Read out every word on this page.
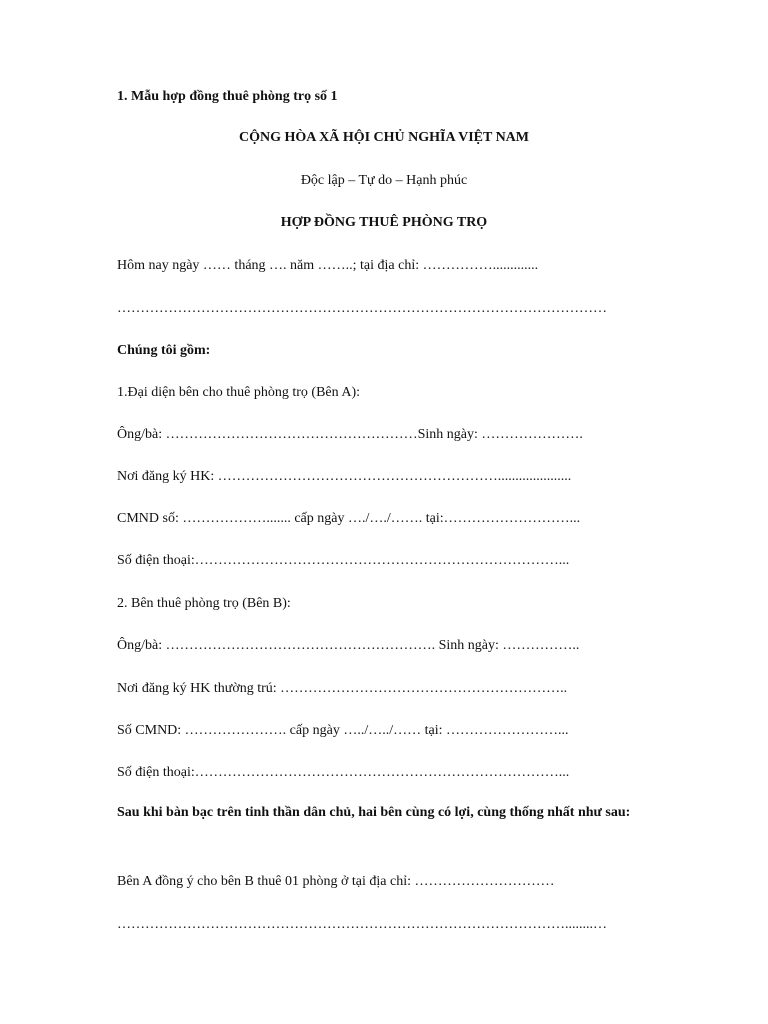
1. Mẫu hợp đồng thuê phòng trọ số 1
CỘNG HÒA XÃ HỘI CHỦ NGHĨA VIỆT NAM
Độc lập – Tự do – Hạnh phúc
HỢP ĐỒNG THUÊ PHÒNG TRỌ
Hôm nay ngày …… tháng …. năm ……..; tại địa chỉ: …………….............
……………………………………………………………………………………………
Chúng tôi gồm:
1.Đại diện bên cho thuê phòng trọ (Bên A):
Ông/bà: ………………………………………………Sinh ngày: ………………….
Nơi đăng ký HK: …………………………………………………….....................
CMND số: ………………....... cấp ngày …./…./……. tại:………………………...
Số điện thoại:……………………………………………………………………...
2. Bên thuê phòng trọ (Bên B):
Ông/bà: …………………………………………………. Sinh ngày: ……………..
Nơi đăng ký HK thường trú: ……………………………………………………..
Số CMND: …………………. cấp ngày …../…../…… tại: ……………………...
Số điện thoại:……………………………………………………………………...
Sau khi bàn bạc trên tinh thần dân chủ, hai bên cùng có lợi, cùng thống nhất như sau:
Bên A đồng ý cho bên B thuê 01 phòng ở tại địa chỉ: …………………………
……………………………………………………………………………………........…
